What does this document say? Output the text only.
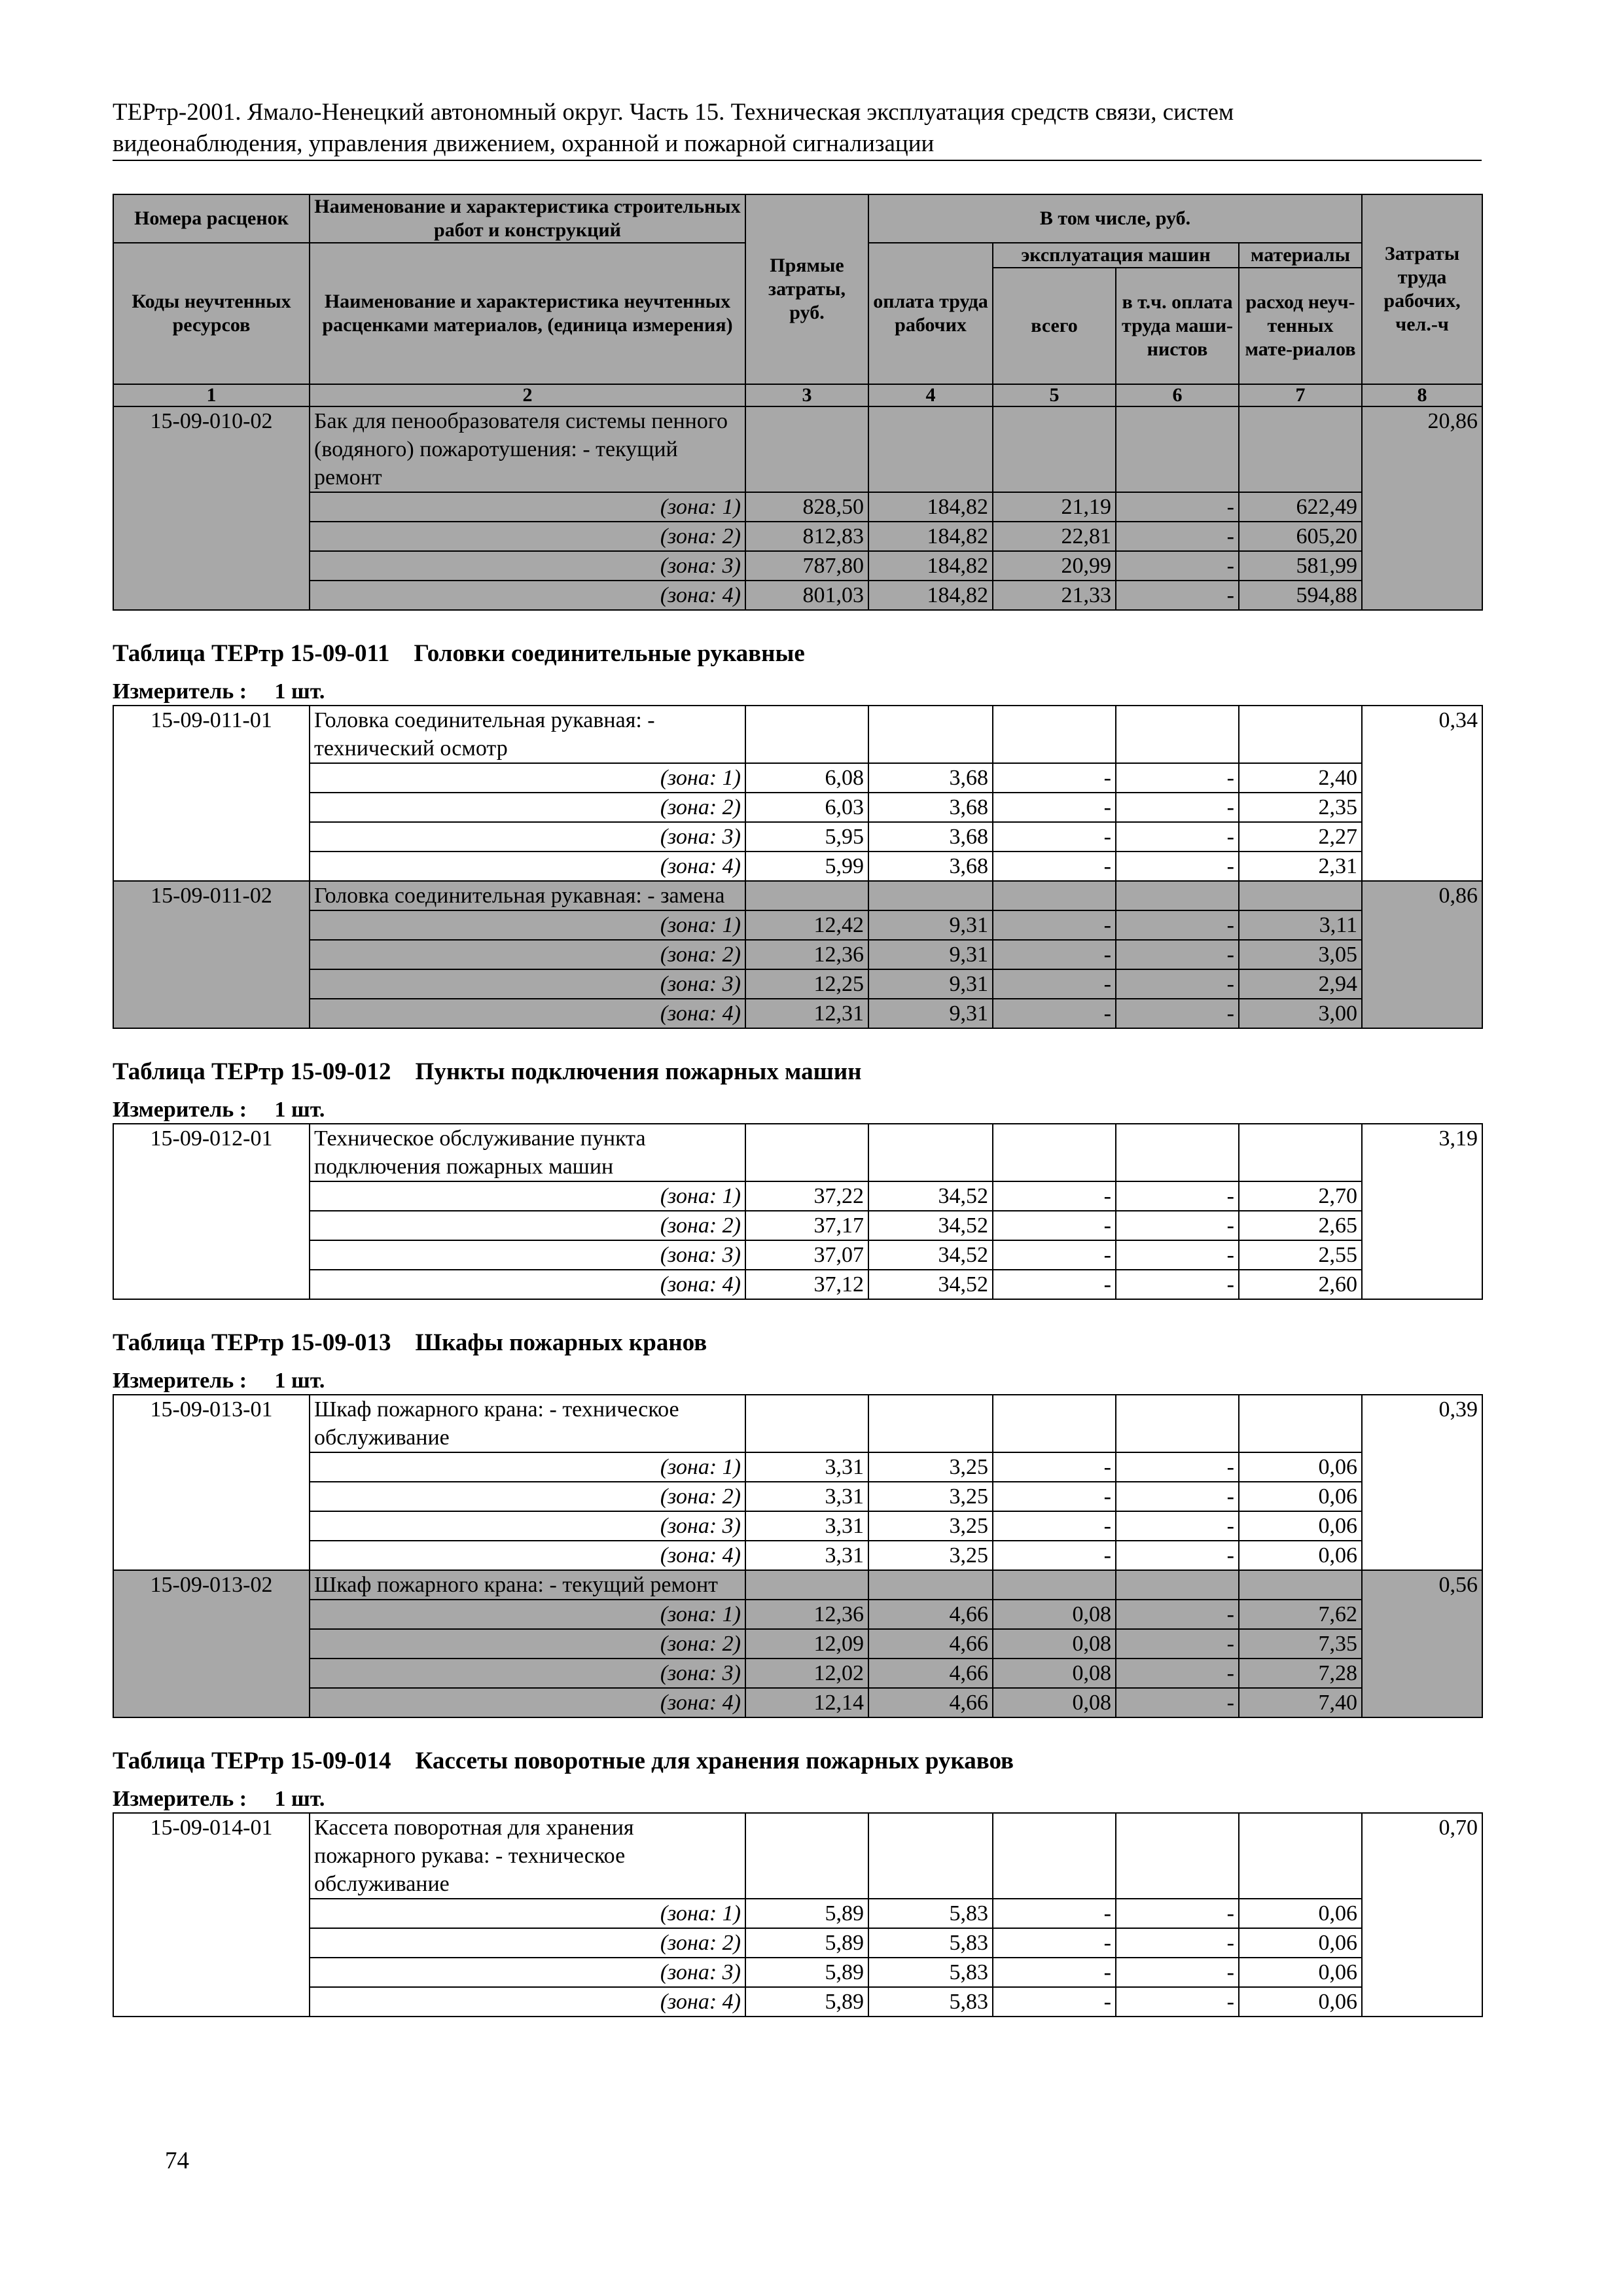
ТЕРтр-2001. Ямало-Ненецкий автономный округ. Часть 15. Техническая эксплуатация средств связи, систем
видеонаблюдения, управления движением, охранной и пожарной сигнализации
Номера расценок	Наименование и характеристика строительных работ и конструкций	Прямые затраты, руб.	В том числе, руб.				Затраты труда рабочих, чел.-ч
Коды неучтенных ресурсов	Наименование и характеристика неучтенных расценками материалов, (единица измерения)		оплата труда рабочих	эксплуатация машин		материалы	
				всего	в т.ч. оплата труда маши-нистов	расход неуч-тенных мате-риалов	
1	2	3	4	5	6	7	8
15-09-010-02	Бак для пенообразователя системы пенного (водяного) пожаротушения: - текущий ремонт						20,86
	(зона: 1)	828,50	184,82	21,19	-	622,49	
	(зона: 2)	812,83	184,82	22,81	-	605,20	
	(зона: 3)	787,80	184,82	20,99	-	581,99	
	(зона: 4)	801,03	184,82	21,33	-	594,88	
Таблица ТЕРтр 15-09-011    Головки соединительные рукавные
Измеритель :     1 шт.
15-09-011-01	Головка соединительная рукавная: - технический осмотр						0,34
	(зона: 1)	6,08	3,68	-	-	2,40	
	(зона: 2)	6,03	3,68	-	-	2,35	
	(зона: 3)	5,95	3,68	-	-	2,27	
	(зона: 4)	5,99	3,68	-	-	2,31	
15-09-011-02	Головка соединительная рукавная: - замена						0,86
	(зона: 1)	12,42	9,31	-	-	3,11	
	(зона: 2)	12,36	9,31	-	-	3,05	
	(зона: 3)	12,25	9,31	-	-	2,94	
	(зона: 4)	12,31	9,31	-	-	3,00	
Таблица ТЕРтр 15-09-012    Пункты подключения пожарных машин
Измеритель :     1 шт.
15-09-012-01	Техническое обслуживание пункта подключения пожарных машин						3,19
	(зона: 1)	37,22	34,52	-	-	2,70	
	(зона: 2)	37,17	34,52	-	-	2,65	
	(зона: 3)	37,07	34,52	-	-	2,55	
	(зона: 4)	37,12	34,52	-	-	2,60	
Таблица ТЕРтр 15-09-013    Шкафы пожарных кранов
Измеритель :     1 шт.
15-09-013-01	Шкаф пожарного крана: - техническое обслуживание						0,39
	(зона: 1)	3,31	3,25	-	-	0,06	
	(зона: 2)	3,31	3,25	-	-	0,06	
	(зона: 3)	3,31	3,25	-	-	0,06	
	(зона: 4)	3,31	3,25	-	-	0,06	
15-09-013-02	Шкаф пожарного крана: - текущий ремонт						0,56
	(зона: 1)	12,36	4,66	0,08	-	7,62	
	(зона: 2)	12,09	4,66	0,08	-	7,35	
	(зона: 3)	12,02	4,66	0,08	-	7,28	
	(зона: 4)	12,14	4,66	0,08	-	7,40	
Таблица ТЕРтр 15-09-014    Кассеты поворотные для хранения пожарных рукавов
Измеритель :     1 шт.
15-09-014-01	Кассета поворотная для хранения пожарного рукава: - техническое обслуживание						0,70
	(зона: 1)	5,89	5,83	-	-	0,06	
	(зона: 2)	5,89	5,83	-	-	0,06	
	(зона: 3)	5,89	5,83	-	-	0,06	
	(зона: 4)	5,89	5,83	-	-	0,06	
74
